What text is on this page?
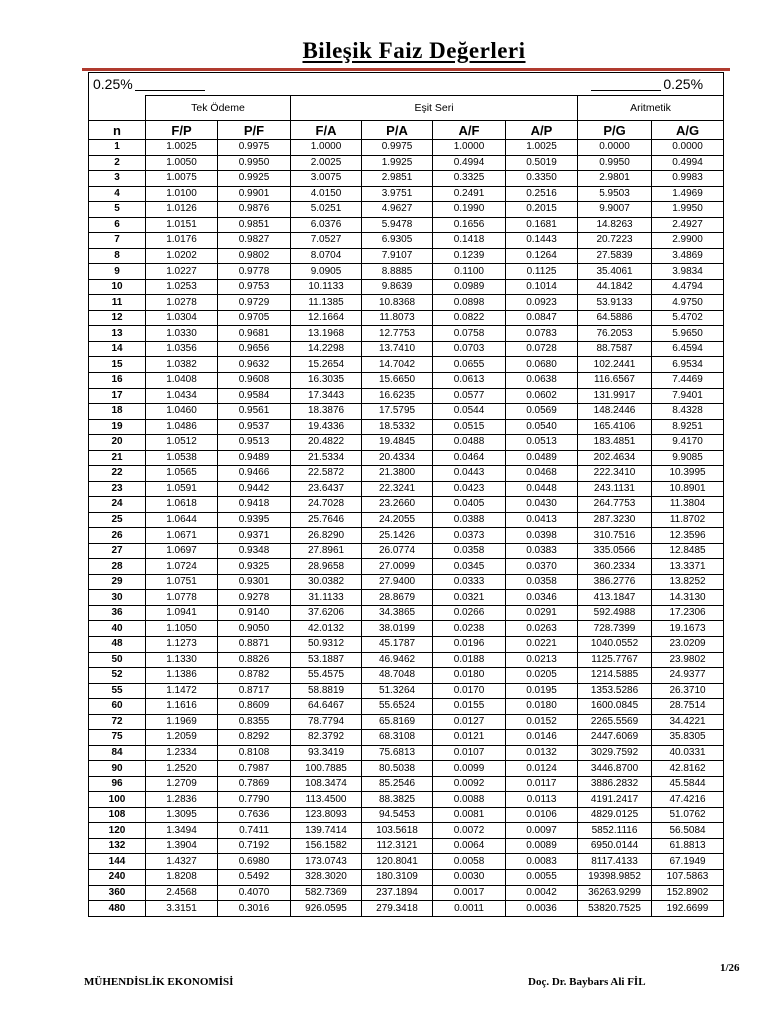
Bileşik Faiz Değerleri
0.25%							0.25%	
	Tek Ödeme		Eşit Seri				Aritmetik	
n	F/P	P/F	F/A	P/A	A/F	A/P	P/G	A/G
1	1.0025	0.9975	1.0000	0.9975	1.0000	1.0025	0.0000	0.0000
2	1.0050	0.9950	2.0025	1.9925	0.4994	0.5019	0.9950	0.4994
3	1.0075	0.9925	3.0075	2.9851	0.3325	0.3350	2.9801	0.9983
4	1.0100	0.9901	4.0150	3.9751	0.2491	0.2516	5.9503	1.4969
5	1.0126	0.9876	5.0251	4.9627	0.1990	0.2015	9.9007	1.9950
6	1.0151	0.9851	6.0376	5.9478	0.1656	0.1681	14.8263	2.4927
7	1.0176	0.9827	7.0527	6.9305	0.1418	0.1443	20.7223	2.9900
8	1.0202	0.9802	8.0704	7.9107	0.1239	0.1264	27.5839	3.4869
9	1.0227	0.9778	9.0905	8.8885	0.1100	0.1125	35.4061	3.9834
10	1.0253	0.9753	10.1133	9.8639	0.0989	0.1014	44.1842	4.4794
11	1.0278	0.9729	11.1385	10.8368	0.0898	0.0923	53.9133	4.9750
12	1.0304	0.9705	12.1664	11.8073	0.0822	0.0847	64.5886	5.4702
13	1.0330	0.9681	13.1968	12.7753	0.0758	0.0783	76.2053	5.9650
14	1.0356	0.9656	14.2298	13.7410	0.0703	0.0728	88.7587	6.4594
15	1.0382	0.9632	15.2654	14.7042	0.0655	0.0680	102.2441	6.9534
16	1.0408	0.9608	16.3035	15.6650	0.0613	0.0638	116.6567	7.4469
17	1.0434	0.9584	17.3443	16.6235	0.0577	0.0602	131.9917	7.9401
18	1.0460	0.9561	18.3876	17.5795	0.0544	0.0569	148.2446	8.4328
19	1.0486	0.9537	19.4336	18.5332	0.0515	0.0540	165.4106	8.9251
20	1.0512	0.9513	20.4822	19.4845	0.0488	0.0513	183.4851	9.4170
21	1.0538	0.9489	21.5334	20.4334	0.0464	0.0489	202.4634	9.9085
22	1.0565	0.9466	22.5872	21.3800	0.0443	0.0468	222.3410	10.3995
23	1.0591	0.9442	23.6437	22.3241	0.0423	0.0448	243.1131	10.8901
24	1.0618	0.9418	24.7028	23.2660	0.0405	0.0430	264.7753	11.3804
25	1.0644	0.9395	25.7646	24.2055	0.0388	0.0413	287.3230	11.8702
26	1.0671	0.9371	26.8290	25.1426	0.0373	0.0398	310.7516	12.3596
27	1.0697	0.9348	27.8961	26.0774	0.0358	0.0383	335.0566	12.8485
28	1.0724	0.9325	28.9658	27.0099	0.0345	0.0370	360.2334	13.3371
29	1.0751	0.9301	30.0382	27.9400	0.0333	0.0358	386.2776	13.8252
30	1.0778	0.9278	31.1133	28.8679	0.0321	0.0346	413.1847	14.3130
36	1.0941	0.9140	37.6206	34.3865	0.0266	0.0291	592.4988	17.2306
40	1.1050	0.9050	42.0132	38.0199	0.0238	0.0263	728.7399	19.1673
48	1.1273	0.8871	50.9312	45.1787	0.0196	0.0221	1040.0552	23.0209
50	1.1330	0.8826	53.1887	46.9462	0.0188	0.0213	1125.7767	23.9802
52	1.1386	0.8782	55.4575	48.7048	0.0180	0.0205	1214.5885	24.9377
55	1.1472	0.8717	58.8819	51.3264	0.0170	0.0195	1353.5286	26.3710
60	1.1616	0.8609	64.6467	55.6524	0.0155	0.0180	1600.0845	28.7514
72	1.1969	0.8355	78.7794	65.8169	0.0127	0.0152	2265.5569	34.4221
75	1.2059	0.8292	82.3792	68.3108	0.0121	0.0146	2447.6069	35.8305
84	1.2334	0.8108	93.3419	75.6813	0.0107	0.0132	3029.7592	40.0331
90	1.2520	0.7987	100.7885	80.5038	0.0099	0.0124	3446.8700	42.8162
96	1.2709	0.7869	108.3474	85.2546	0.0092	0.0117	3886.2832	45.5844
100	1.2836	0.7790	113.4500	88.3825	0.0088	0.0113	4191.2417	47.4216
108	1.3095	0.7636	123.8093	94.5453	0.0081	0.0106	4829.0125	51.0762
120	1.3494	0.7411	139.7414	103.5618	0.0072	0.0097	5852.1116	56.5084
132	1.3904	0.7192	156.1582	112.3121	0.0064	0.0089	6950.0144	61.8813
144	1.4327	0.6980	173.0743	120.8041	0.0058	0.0083	8117.4133	67.1949
240	1.8208	0.5492	328.3020	180.3109	0.0030	0.0055	19398.9852	107.5863
360	2.4568	0.4070	582.7369	237.1894	0.0017	0.0042	36263.9299	152.8902
480	3.3151	0.3016	926.0595	279.3418	0.0011	0.0036	53820.7525	192.6699
1/26
MÜHENDİSLİK EKONOMİSİ	Doç. Dr. Baybars Ali FİL
